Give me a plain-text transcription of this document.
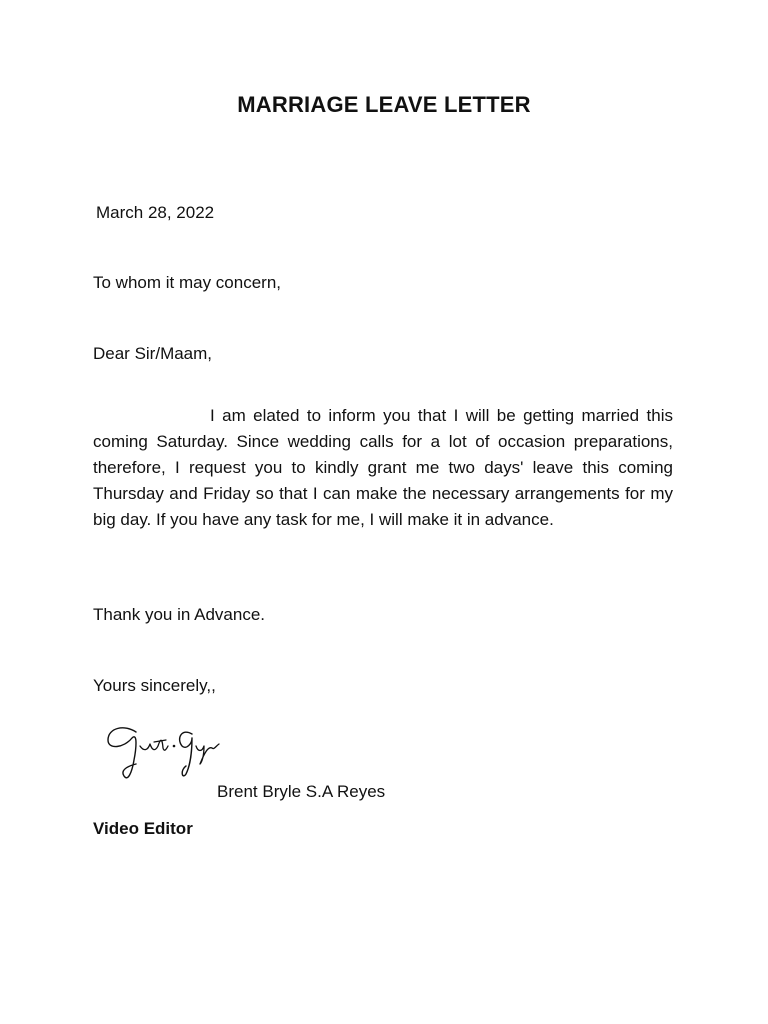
MARRIAGE LEAVE LETTER
March 28, 2022
To whom it may concern,
Dear Sir/Maam,
I am elated to inform you that I will be getting married this coming Saturday. Since wedding calls for a lot of occasion preparations, therefore, I request you to kindly grant me two days' leave this coming Thursday and Friday so that I can make the necessary arrangements for my big day. If you have any task for me, I will make it in advance.
Thank you in Advance.
Yours sincerely,,
Brent Bryle S.A Reyes
Video Editor
